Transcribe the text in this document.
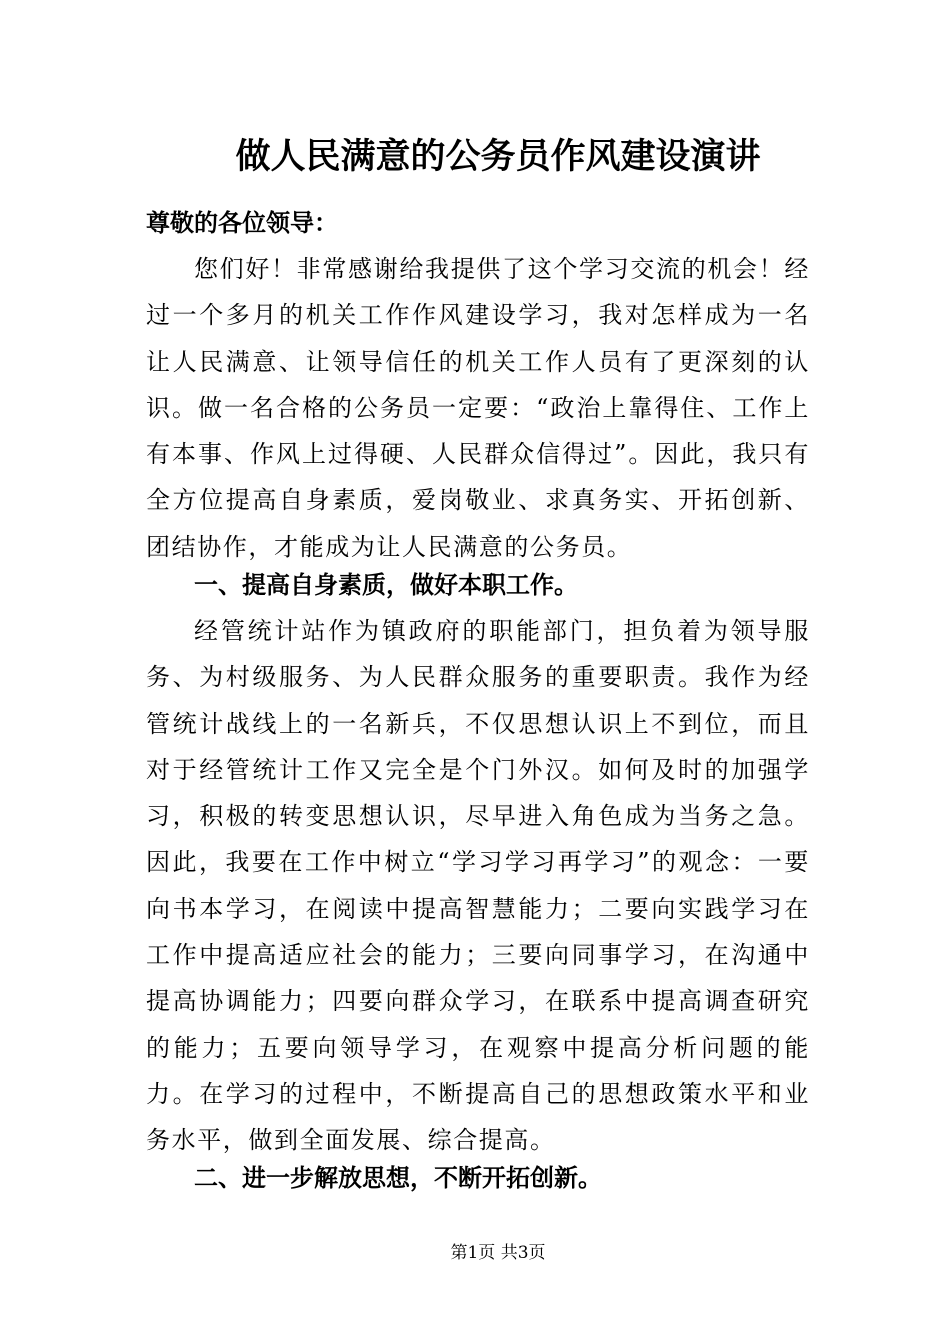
做人民满意的公务员作风建设演讲

尊敬的各位领导：

您们好！非常感谢给我提供了这个学习交流的机会！经过一个多月的机关工作作风建设学习，我对怎样成为一名让人民满意、让领导信任的机关工作人员有了更深刻的认识。做一名合格的公务员一定要：“政治上靠得住、工作上有本事、作风上过得硬、人民群众信得过”。因此，我只有全方位提高自身素质，爱岗敬业、求真务实、开拓创新、团结协作，才能成为让人民满意的公务员。

一、提高自身素质，做好本职工作。

经管统计站作为镇政府的职能部门，担负着为领导服务、为村级服务、为人民群众服务的重要职责。我作为经管统计战线上的一名新兵，不仅思想认识上不到位，而且对于经管统计工作又完全是个门外汉。如何及时的加强学习，积极的转变思想认识，尽早进入角色成为当务之急。因此，我要在工作中树立“学习学习再学习”的观念：一要向书本学习，在阅读中提高智慧能力；二要向实践学习在工作中提高适应社会的能力；三要向同事学习，在沟通中提高协调能力；四要向群众学习，在联系中提高调查研究的能力；五要向领导学习，在观察中提高分析问题的能力。在学习的过程中，不断提高自己的思想政策水平和业务水平，做到全面发展、综合提高。

二、进一步解放思想，不断开拓创新。

第1页 共3页
